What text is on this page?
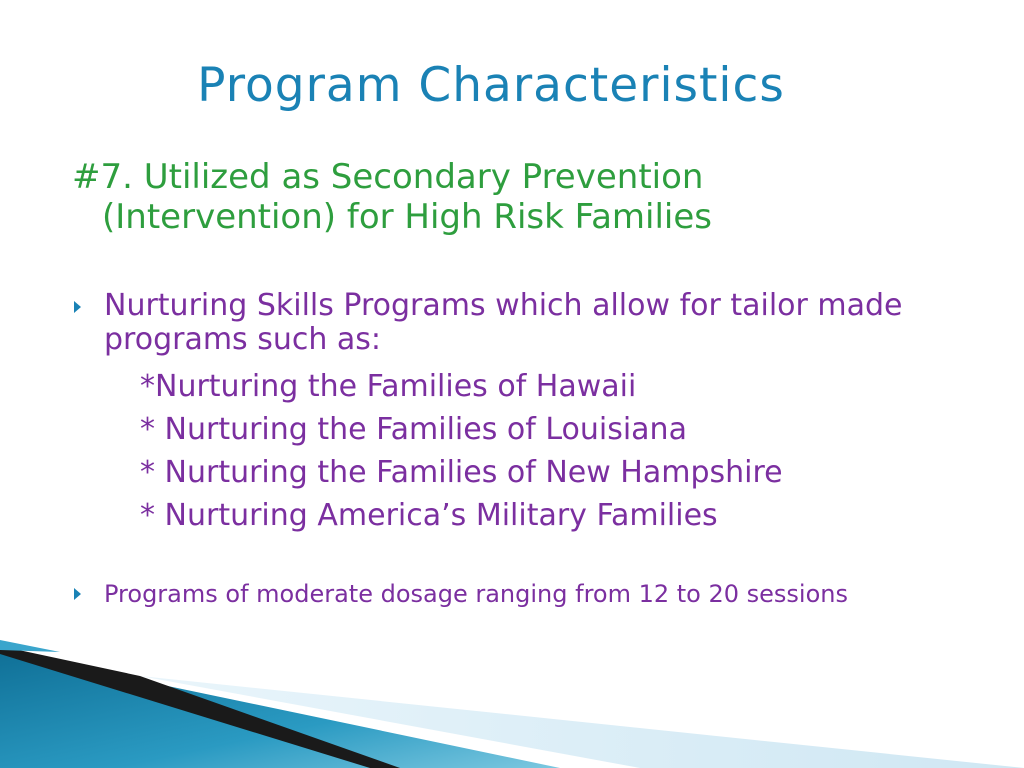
Program Characteristics

#7. Utilized as Secondary Prevention
(Intervention) for High Risk Families

Nurturing Skills Programs which allow for tailor made programs such as:
*Nurturing the Families of Hawaii
* Nurturing the Families of Louisiana
* Nurturing the Families of New Hampshire
* Nurturing America’s Military Families
Programs of moderate dosage ranging from 12 to 20 sessions
